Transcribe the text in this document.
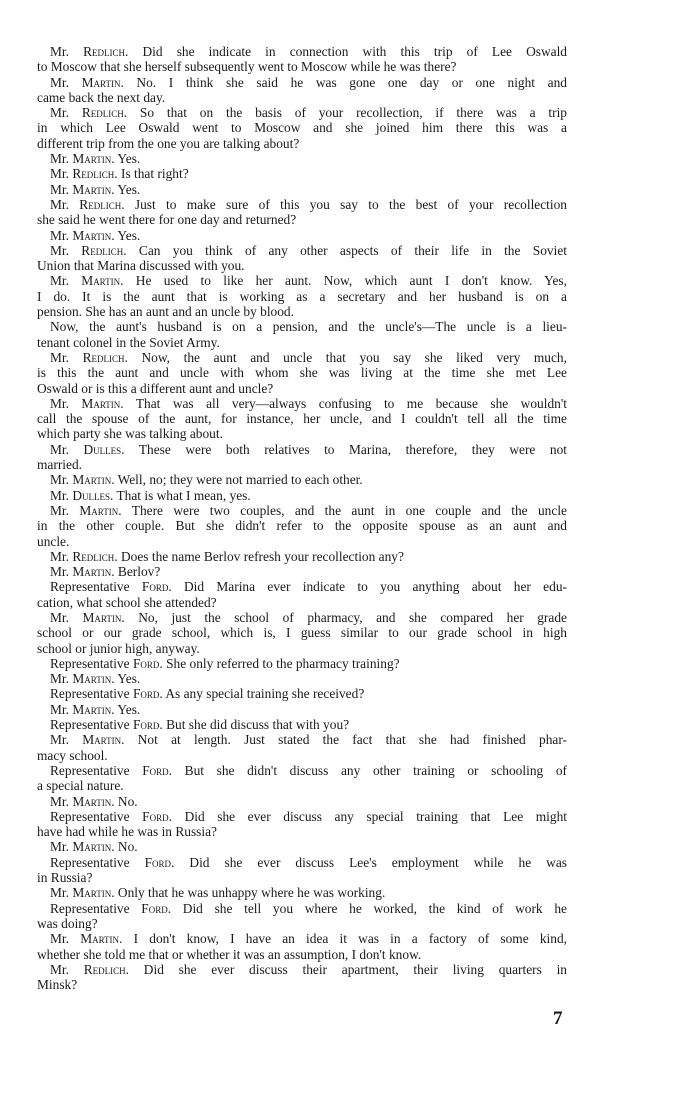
Mr. Redlich. Did she indicate in connection with this trip of Lee Oswald
to Moscow that she herself subsequently went to Moscow while he was there?
Mr. Martin. No. I think she said he was gone one day or one night and
came back the next day.
Mr. Redlich. So that on the basis of your recollection, if there was a trip
in which Lee Oswald went to Moscow and she joined him there this was a
different trip from the one you are talking about?
Mr. Martin. Yes.
Mr. Redlich. Is that right?
Mr. Martin. Yes.
Mr. Redlich. Just to make sure of this you say to the best of your recollection
she said he went there for one day and returned?
Mr. Martin. Yes.
Mr. Redlich. Can you think of any other aspects of their life in the Soviet
Union that Marina discussed with you.
Mr. Martin. He used to like her aunt. Now, which aunt I don't know. Yes,
I do. It is the aunt that is working as a secretary and her husband is on a
pension. She has an aunt and an uncle by blood.
Now, the aunt's husband is on a pension, and the uncle's—The uncle is a lieu-
tenant colonel in the Soviet Army.
Mr. Redlich. Now, the aunt and uncle that you say she liked very much,
is this the aunt and uncle with whom she was living at the time she met Lee
Oswald or is this a different aunt and uncle?
Mr. Martin. That was all very—always confusing to me because she wouldn't
call the spouse of the aunt, for instance, her uncle, and I couldn't tell all the time
which party she was talking about.
Mr. Dulles. These were both relatives to Marina, therefore, they were not
married.
Mr. Martin. Well, no; they were not married to each other.
Mr. Dulles. That is what I mean, yes.
Mr. Martin. There were two couples, and the aunt in one couple and the uncle
in the other couple. But she didn't refer to the opposite spouse as an aunt and
uncle.
Mr. Redlich. Does the name Berlov refresh your recollection any?
Mr. Martin. Berlov?
Representative Ford. Did Marina ever indicate to you anything about her edu-
cation, what school she attended?
Mr. Martin. No, just the school of pharmacy, and she compared her grade
school or our grade school, which is, I guess similar to our grade school in high
school or junior high, anyway.
Representative Ford. She only referred to the pharmacy training?
Mr. Martin. Yes.
Representative Ford. As any special training she received?
Mr. Martin. Yes.
Representative Ford. But she did discuss that with you?
Mr. Martin. Not at length. Just stated the fact that she had finished phar-
macy school.
Representative Ford. But she didn't discuss any other training or schooling of
a special nature.
Mr. Martin. No.
Representative Ford. Did she ever discuss any special training that Lee might
have had while he was in Russia?
Mr. Martin. No.
Representative Ford. Did she ever discuss Lee's employment while he was
in Russia?
Mr. Martin. Only that he was unhappy where he was working.
Representative Ford. Did she tell you where he worked, the kind of work he
was doing?
Mr. Martin. I don't know, I have an idea it was in a factory of some kind,
whether she told me that or whether it was an assumption, I don't know.
Mr. Redlich. Did she ever discuss their apartment, their living quarters in
Minsk?
7
